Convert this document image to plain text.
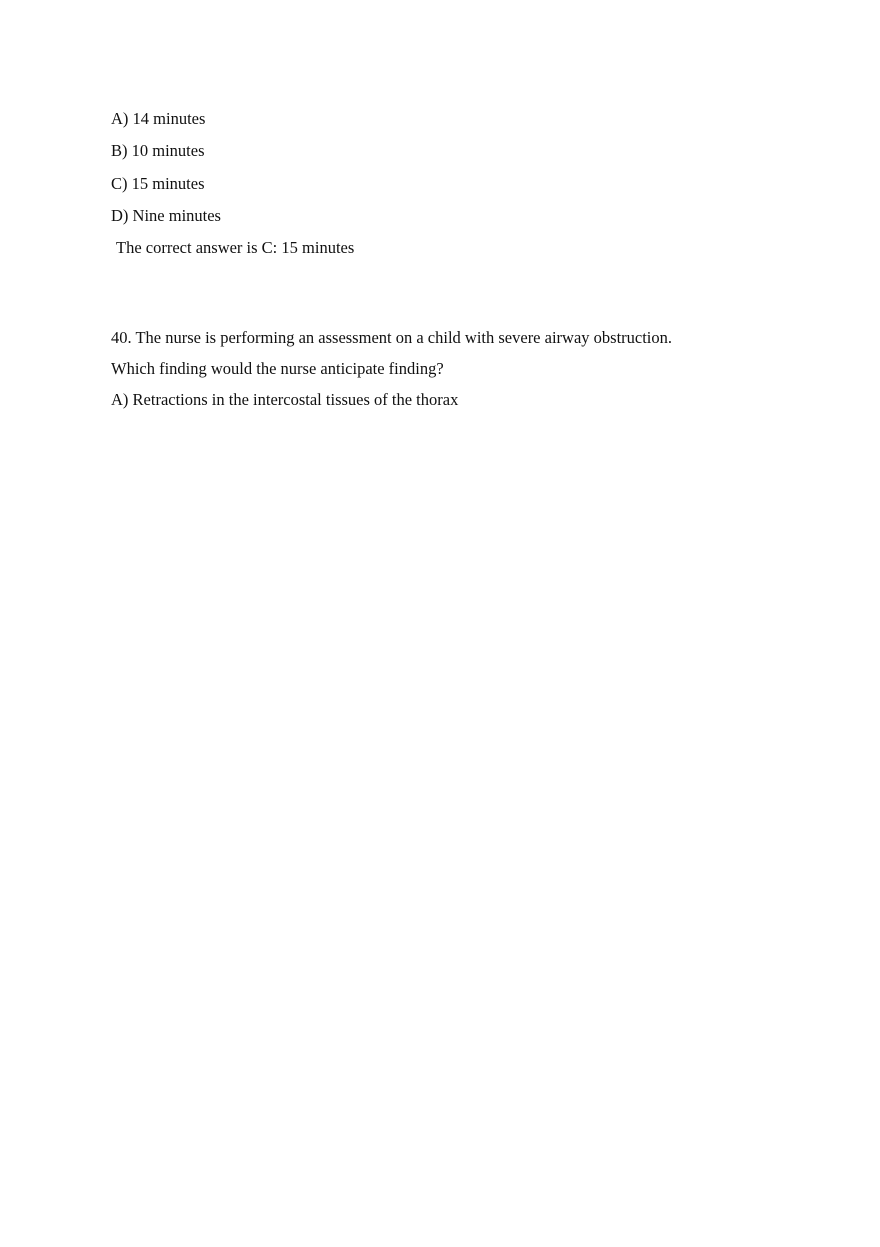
A) 14 minutes
B) 10 minutes
C) 15 minutes
D) Nine minutes
The correct answer is C: 15 minutes
40. The nurse is performing an assessment on a child with severe airway obstruction.
Which finding would the nurse anticipate finding?
A) Retractions in the intercostal tissues of the thorax
